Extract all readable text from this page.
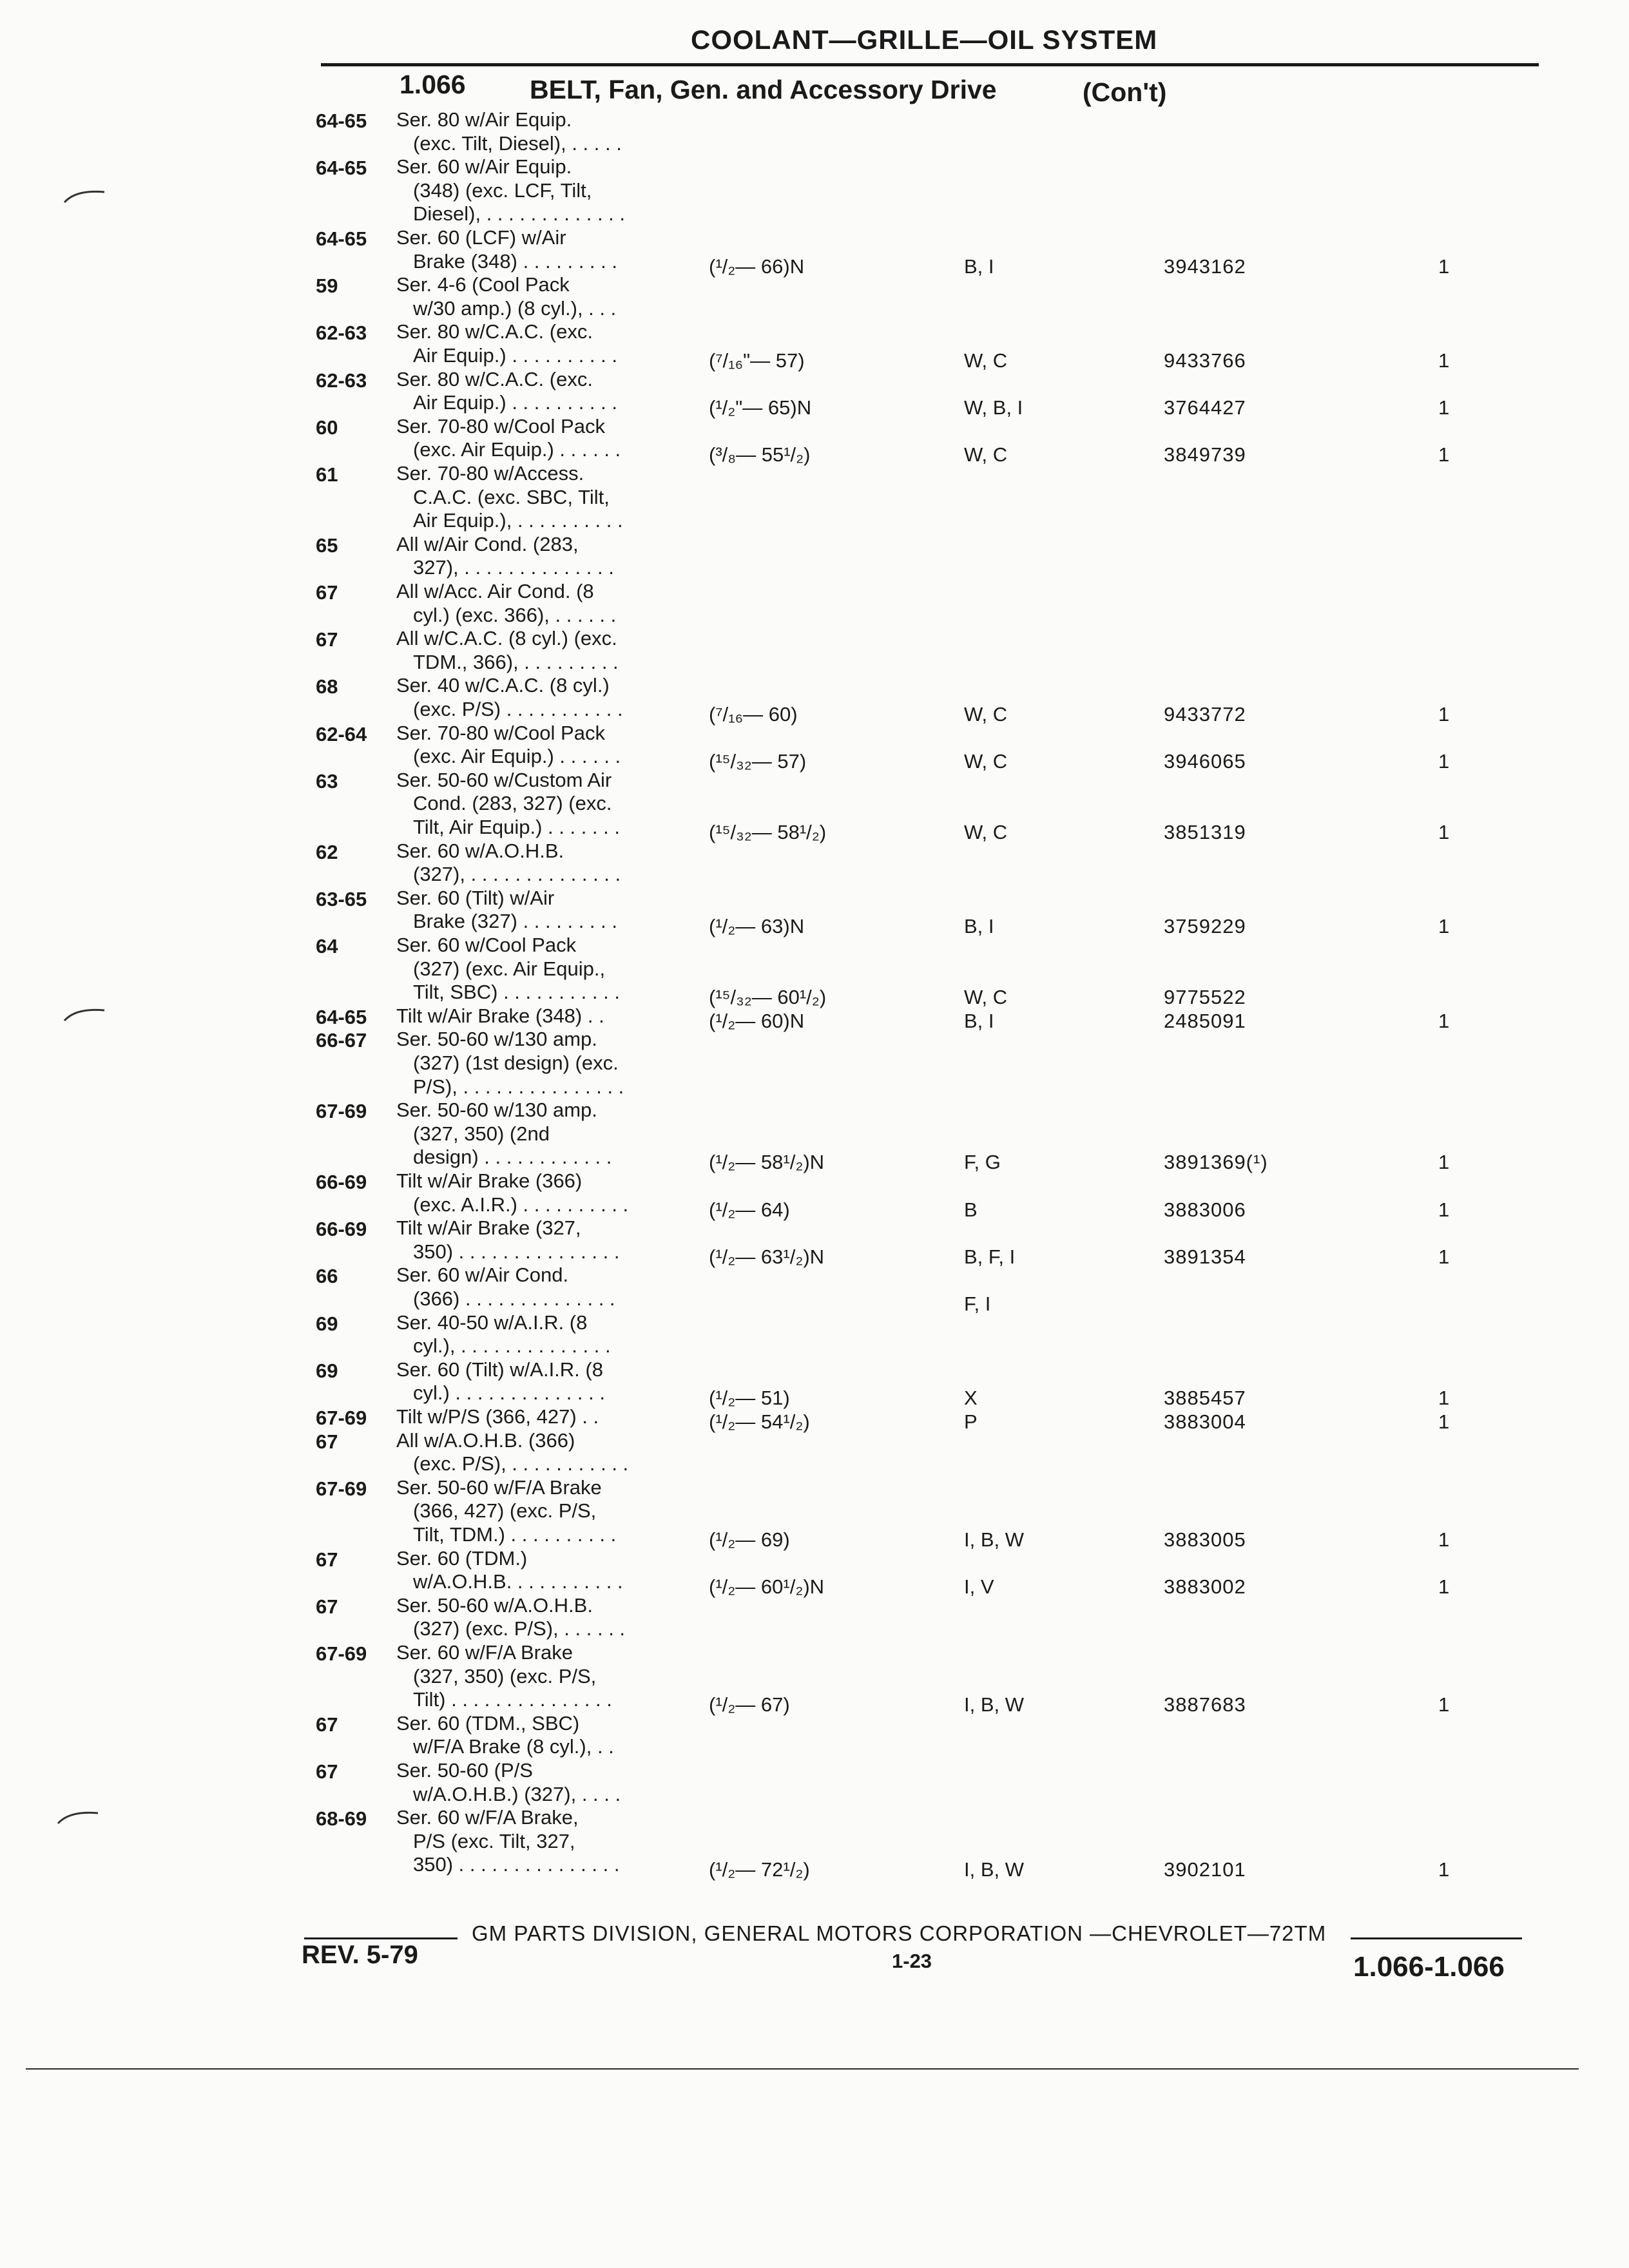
COOLANT—GRILLE—OIL SYSTEM
1.066 BELT, Fan, Gen. and Accessory Drive	(Con't)
64-65 Ser. 80 w/Air Equip.
(exc. Tilt, Diesel), . . . . .
64-65 Ser. 60 w/Air Equip.
(348) (exc. LCF, Tilt,
Diesel), . . . . . . . . . . . . .
64-65 Ser. 60 (LCF) w/Air
Brake (348) . . . . . . . . .	(¹/₂— 66)N	B, I	3943162	1
59	Ser. 4-6 (Cool Pack
w/30 amp.) (8 cyl.), . . .
62-63 Ser. 80 w/C.A.C. (exc.
Air Equip.) . . . . . . . . . .	(⁷/₁₆"— 57)	W, C	9433766	1
62-63 Ser. 80 w/C.A.C. (exc.
Air Equip.) . . . . . . . . . .	(¹/₂"— 65)N	W, B, I	3764427	1
60	Ser. 70-80 w/Cool Pack
(exc. Air Equip.) . . . . . .	(³/₈— 55¹/₂)	W, C	3849739	1
61	Ser. 70-80 w/Access.
C.A.C. (exc. SBC, Tilt,
Air Equip.), . . . . . . . . . .
65	All w/Air Cond. (283,
327), . . . . . . . . . . . . . .
67	All w/Acc. Air Cond. (8
cyl.) (exc. 366), . . . . . .
67	All w/C.A.C. (8 cyl.) (exc.
TDM., 366), . . . . . . . . .
68	Ser. 40 w/C.A.C. (8 cyl.)
(exc. P/S) . . . . . . . . . . .	(⁷/₁₆— 60)	W, C	9433772	1
62-64 Ser. 70-80 w/Cool Pack
(exc. Air Equip.) . . . . . .	(¹⁵/₃₂— 57)	W, C	3946065	1
63	Ser. 50-60 w/Custom Air
Cond. (283, 327) (exc.
Tilt, Air Equip.) . . . . . . .	(¹⁵/₃₂— 58¹/₂)	W, C	3851319	1
62	Ser. 60 w/A.O.H.B.
(327), . . . . . . . . . . . . . .
63-65 Ser. 60 (Tilt) w/Air
Brake (327) . . . . . . . . .	(¹/₂— 63)N	B, I	3759229	1
64	Ser. 60 w/Cool Pack
(327) (exc. Air Equip.,
Tilt, SBC) . . . . . . . . . . .	(¹⁵/₃₂— 60¹/₂)	W, C	9775522
64-65 Tilt w/Air Brake (348) . .	(¹/₂— 60)N	B, I	2485091	1
66-67 Ser. 50-60 w/130 amp.
(327) (1st design) (exc.
P/S), . . . . . . . . . . . . . . .
67-69 Ser. 50-60 w/130 amp.
(327, 350) (2nd
design) . . . . . . . . . . . .	(¹/₂— 58¹/₂)N	F, G	3891369(¹)	1
66-69 Tilt w/Air Brake (366)
(exc. A.I.R.) . . . . . . . . . .	(¹/₂— 64)	B	3883006	1
66-69 Tilt w/Air Brake (327,
350) . . . . . . . . . . . . . . .	(¹/₂— 63¹/₂)N	B, F, I	3891354	1
66	Ser. 60 w/Air Cond.
(366) . . . . . . . . . . . . . .	F, I
69	Ser. 40-50 w/A.I.R. (8
cyl.), . . . . . . . . . . . . . .
69	Ser. 60 (Tilt) w/A.I.R. (8
cyl.) . . . . . . . . . . . . . .	(¹/₂— 51)	X	3885457	1
67-69 Tilt w/P/S (366, 427) . .	(¹/₂— 54¹/₂)	P	3883004	1
67	All w/A.O.H.B. (366)
(exc. P/S), . . . . . . . . . . .
67-69 Ser. 50-60 w/F/A Brake
(366, 427) (exc. P/S,
Tilt, TDM.) . . . . . . . . . .	(¹/₂— 69)	I, B, W	3883005	1
67	Ser. 60 (TDM.)
w/A.O.H.B. . . . . . . . . . .	(¹/₂— 60¹/₂)N	I, V	3883002	1
67	Ser. 50-60 w/A.O.H.B.
(327) (exc. P/S), . . . . . .
67-69 Ser. 60 w/F/A Brake
(327, 350) (exc. P/S,
Tilt) . . . . . . . . . . . . . . .	(¹/₂— 67)	I, B, W	3887683	1
67	Ser. 60 (TDM., SBC)
w/F/A Brake (8 cyl.), . .
67	Ser. 50-60 (P/S
w/A.O.H.B.) (327), . . . .
68-69 Ser. 60 w/F/A Brake,
P/S (exc. Tilt, 327,
350) . . . . . . . . . . . . . . .	(¹/₂— 72¹/₂)	I, B, W	3902101	1
GM PARTS DIVISION, GENERAL MOTORS CORPORATION —CHEVROLET—72TM
REV. 5-79	1-23	1.066-1.066
